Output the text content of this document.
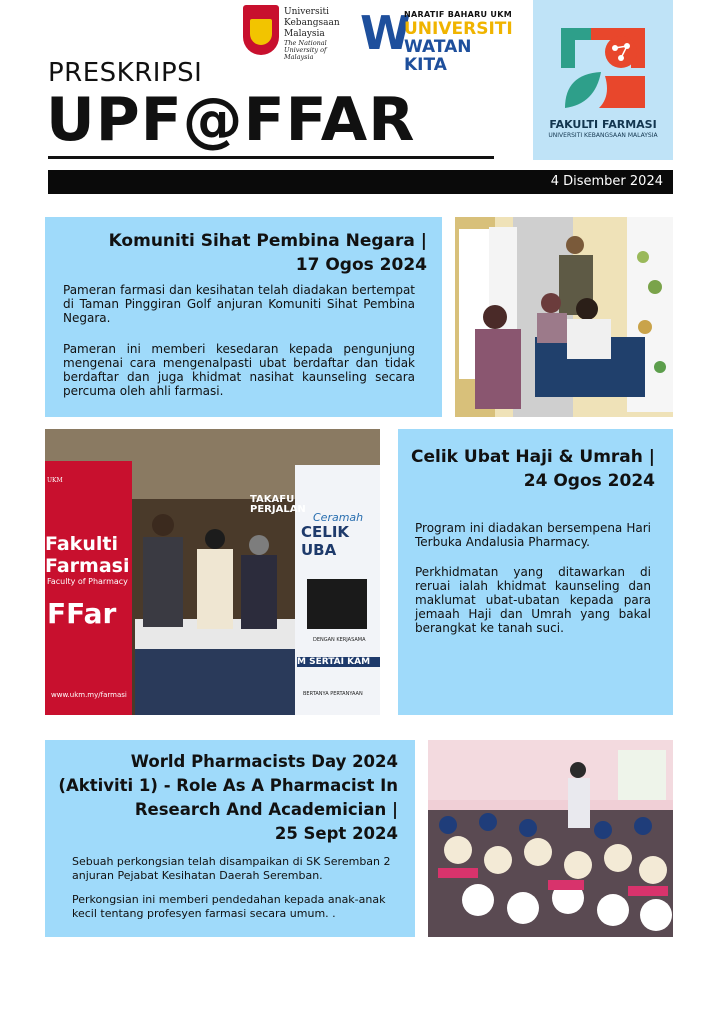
Universiti
Kebangsaan
Malaysia
The National University of Malaysia	W
NARATIF BAHARU UKM
UNIVERSITI
WATAN KITA
FAKULTI FARMASI
UNIVERSITI KEBANGSAAN MALAYSIA
PRESKRIPSI
UPF@FFAR
4 Disember 2024
Komuniti Sihat Pembina Negara |
17 Ogos 2024

Pameran farmasi dan kesihatan telah diadakan bertempat di Taman Pinggiran Golf anjuran Komuniti Sihat Pembina Negara.

Pameran ini memberi kesedaran kepada pengunjung mengenai cara mengenalpasti ubat berdaftar dan tidak berdaftar dan juga khidmat nasihat kaunseling secara percuma oleh ahli farmasi.

UKM
Fakulti
Farmasi
Faculty of Pharmacy
FFar
www.ukm.my/farmasi
TAKAFU
PERJALAN
Ceramah
CELIK UBA
DENGAN KERJASAMA
M SERTAI KAM
BERTANYA PERTANYAAN
Celik Ubat Haji & Umrah |
24 Ogos 2024

Program ini diadakan bersempena Hari Terbuka Andalusia Pharmacy.

Perkhidmatan yang ditawarkan di reruai ialah khidmat kaunseling dan maklumat ubat-ubatan kepada para jemaah Haji dan Umrah yang bakal berangkat ke tanah suci.

World Pharmacists Day 2024
(Aktiviti 1) - Role As A Pharmacist In
Research And Academician |
25 Sept 2024

Sebuah perkongsian telah disampaikan di SK Seremban 2 anjuran Pejabat Kesihatan Daerah Seremban.

Perkongsian ini memberi pendedahan kepada anak-anak kecil tentang profesyen farmasi secara umum. .
